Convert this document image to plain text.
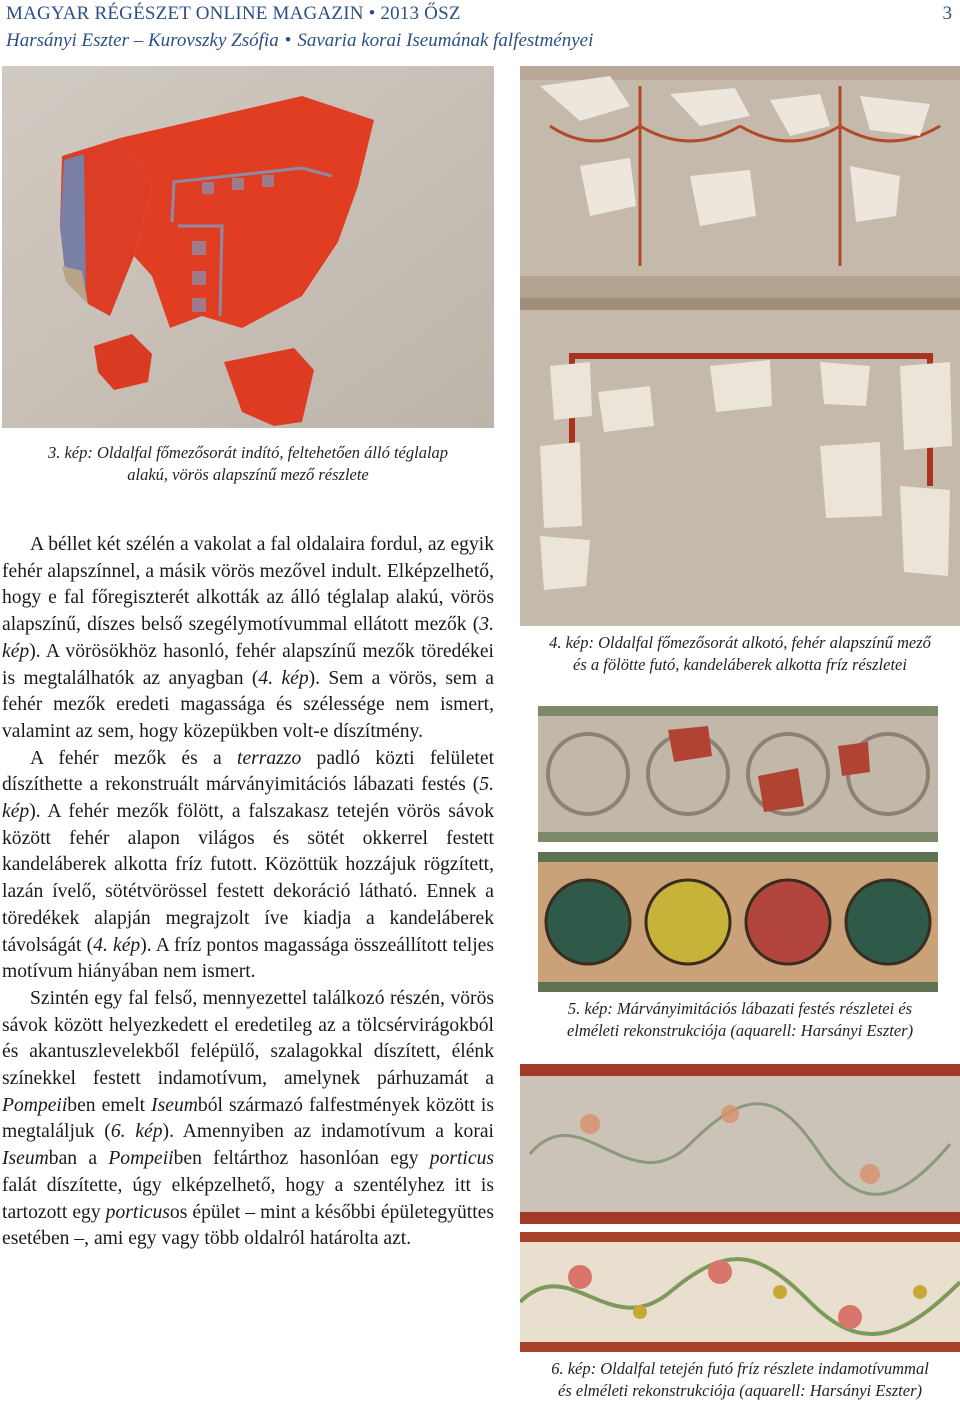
MAGYAR RÉGÉSZET ONLINE MAGAZIN • 2013 ŐSZ	3
Harsányi Eszter – Kurovszky Zsófia • Savaria korai Iseumának falfestményei
3. kép: Oldalfal főmezősorát indító, feltehetően álló téglalap
alakú, vörös alapszínű mező részlete

A béllet két szélén a vakolat a fal oldalaira fordul, az egyik fehér alapszínnel, a másik vörös mezővel indult. Elképzelhető, hogy e fal főregiszterét alkották az álló téglalap alakú, vörös alapszínű, díszes belső szegélymotívummal ellátott mezők (3. kép). A vörösökhöz hasonló, fehér alapszínű mezők töredékei is megtalálhatók az anyagban (4. kép). Sem a vörös, sem a fehér mezők eredeti magassága és szélessége nem ismert, valamint az sem, hogy közepükben volt-e díszítmény.

A fehér mezők és a terrazzo padló közti felületet díszíthette a rekonstruált márványimitációs lábazati festés (5. kép). A fehér mezők fölött, a falszakasz tetején vörös sávok között fehér alapon világos és sötét okkerrel festett kandeláberek alkotta fríz futott. Közöttük hozzájuk rögzített, lazán ívelő, sötétvörössel festett dekoráció látható. Ennek a töredékek alapján megrajzolt íve kiadja a kandeláberek távolságát (4. kép). A fríz pontos magassága összeállított teljes motívum hiányában nem ismert.

Szintén egy fal felső, mennyezettel találkozó részén, vörös sávok között helyezkedett el eredetileg az a tölcsérvirágokból és akantuszlevelekből felépülő, szalagokkal díszített, élénk színekkel festett indamotívum, amelynek párhuzamát a Pompeiiben emelt Iseumból származó falfestmények között is megtaláljuk (6. kép). Amennyiben az indamotívum a korai Iseumban a Pompeiiben feltárthoz hasonlóan egy porticus falát díszítette, úgy elképzelhető, hogy a szentélyhez itt is tartozott egy porticusos épület – mint a későbbi épületegyüttes esetében –, ami egy vagy több oldalról határolta azt.

4. kép: Oldalfal főmezősorát alkotó, fehér alapszínű mező
és a fölötte futó, kandeláberek alkotta fríz részletei
5. kép: Márványimitációs lábazati festés részletei és
elméleti rekonstrukciója (aquarell: Harsányi Eszter)
6. kép: Oldalfal tetején futó fríz részlete indamotívummal
és elméleti rekonstrukciója (aquarell: Harsányi Eszter)
